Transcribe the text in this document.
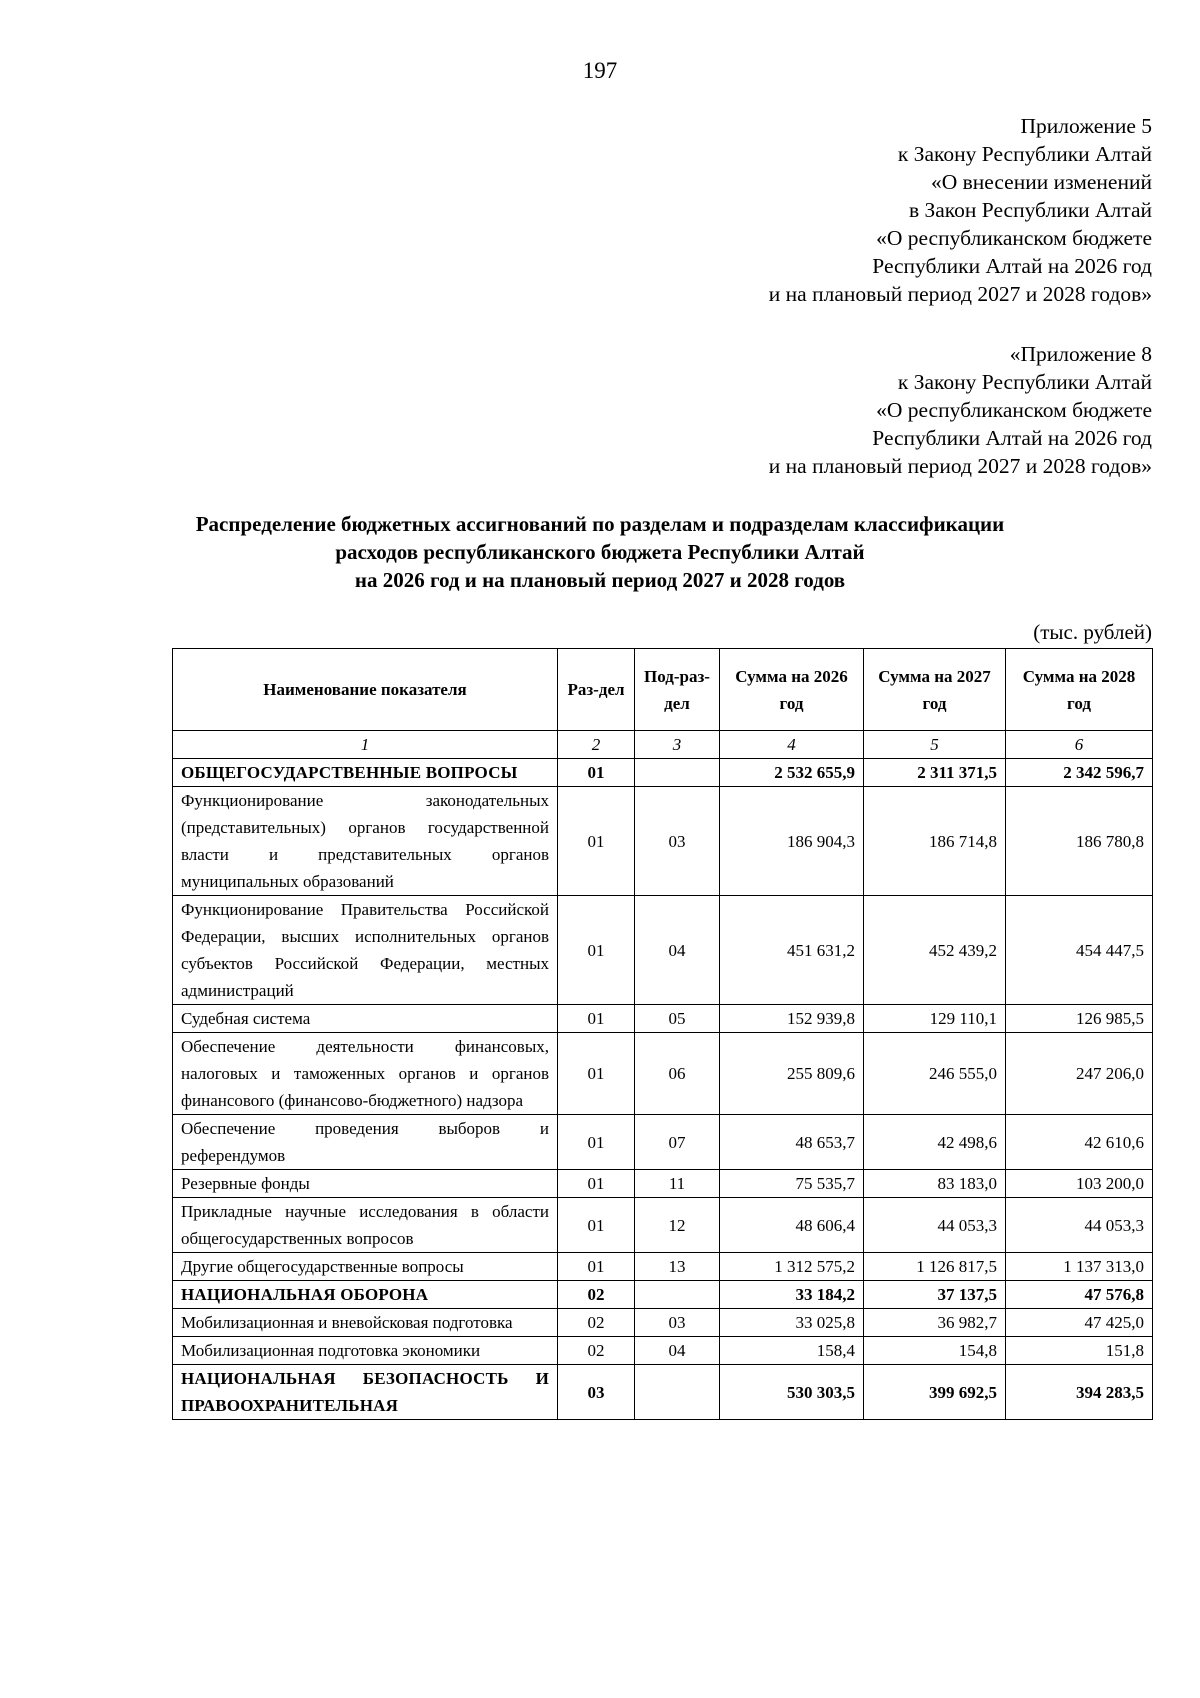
197
Приложение 5
к Закону Республики Алтай
«О внесении изменений
в Закон Республики Алтай
«О республиканском бюджете
Республики Алтай на 2026 год
и на плановый период 2027 и 2028 годов»
«Приложение 8
к Закону Республики Алтай
«О республиканском бюджете
Республики Алтай на 2026 год
и на плановый период 2027 и 2028 годов»
Распределение бюджетных ассигнований по разделам и подразделам классификации
расходов республиканского бюджета Республики Алтай
на 2026 год и на плановый период 2027 и 2028 годов
(тыс. рублей)
Наименование показателя	Раз-дел	Под-раз-дел	Сумма на 2026 год	Сумма на 2027 год	Сумма на 2028 год
1	2	3	4	5	6
ОБЩЕГОСУДАРСТВЕННЫЕ ВОПРОСЫ	01		2 532 655,9	2 311 371,5	2 342 596,7
Функционирование законодательных (представительных) органов государственной власти и представительных органов муниципальных образований	01	03	186 904,3	186 714,8	186 780,8
Функционирование Правительства Российской Федерации, высших исполнительных органов субъектов Российской Федерации, местных администраций	01	04	451 631,2	452 439,2	454 447,5
Судебная система	01	05	152 939,8	129 110,1	126 985,5
Обеспечение деятельности финансовых, налоговых и таможенных органов и органов финансового (финансово-бюджетного) надзора	01	06	255 809,6	246 555,0	247 206,0
Обеспечение проведения выборов и референдумов	01	07	48 653,7	42 498,6	42 610,6
Резервные фонды	01	11	75 535,7	83 183,0	103 200,0
Прикладные научные исследования в области общегосударственных вопросов	01	12	48 606,4	44 053,3	44 053,3
Другие общегосударственные вопросы	01	13	1 312 575,2	1 126 817,5	1 137 313,0
НАЦИОНАЛЬНАЯ ОБОРОНА	02		33 184,2	37 137,5	47 576,8
Мобилизационная и вневойсковая подготовка	02	03	33 025,8	36 982,7	47 425,0
Мобилизационная подготовка экономики	02	04	158,4	154,8	151,8
НАЦИОНАЛЬНАЯ БЕЗОПАСНОСТЬ И ПРАВООХРАНИТЕЛЬНАЯ	03		530 303,5	399 692,5	394 283,5
